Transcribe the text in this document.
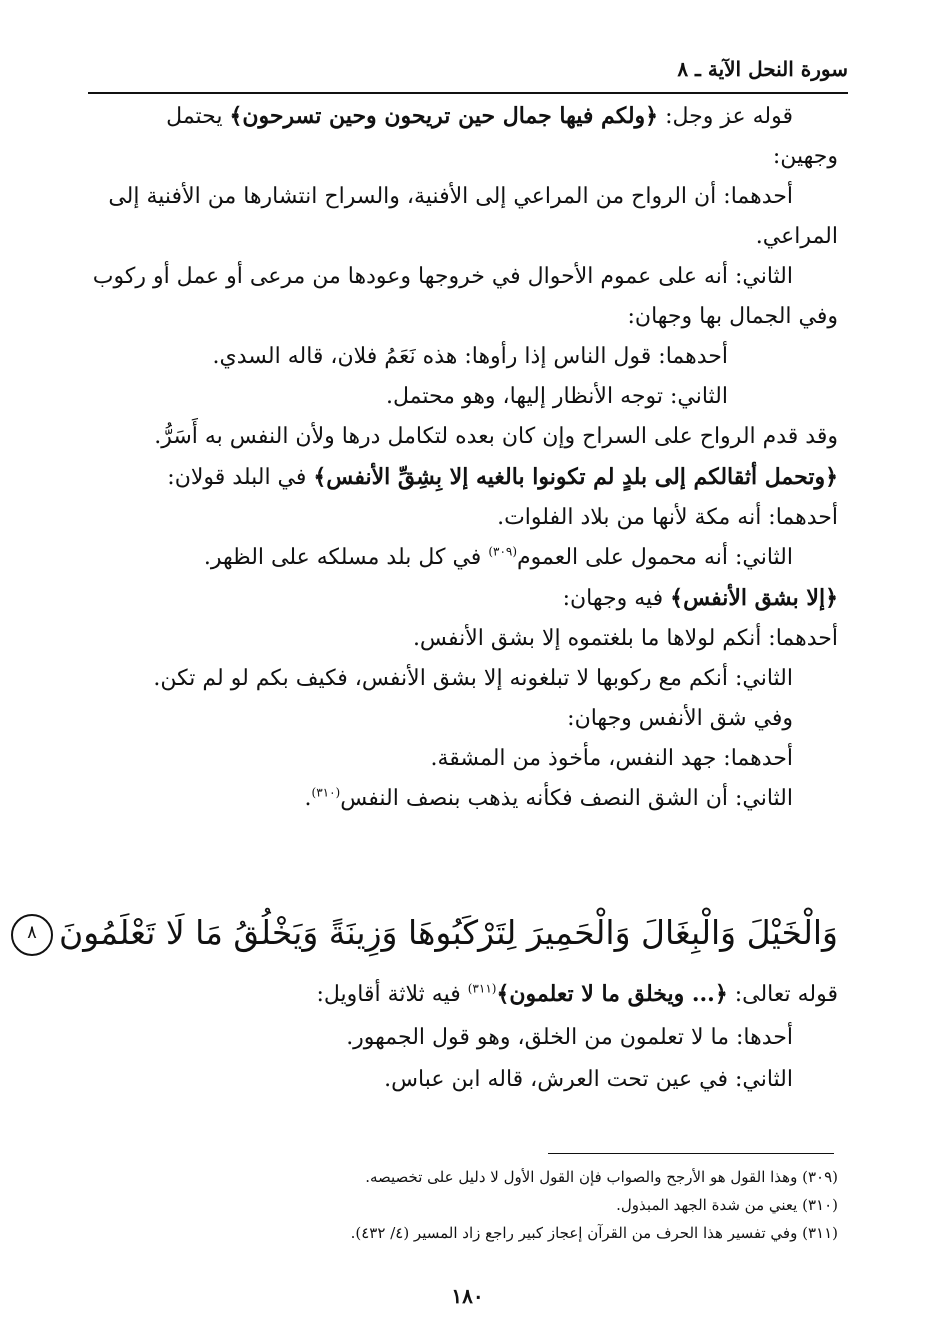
سورة النحل الآية ـ ٨
قوله عز وجل: ﴿ولكم فيها جمال حين تريحون وحين تسرحون﴾ يحتمل
وجهين:
أحدهما: أن الرواح من المراعي إلى الأفنية، والسراح انتشارها من الأفنية إلى
المراعي.
الثاني: أنه على عموم الأحوال في خروجها وعودها من مرعى أو عمل أو ركوب
وفي الجمال بها وجهان:
أحدهما: قول الناس إذا رأوها: هذه نَعَمُ فلان، قاله السدي.
الثاني: توجه الأنظار إليها، وهو محتمل.
وقد قدم الرواح على السراح وإن كان بعده لتكامل درها ولأن النفس به أَسَرُّ.
﴿وتحمل أثقالكم إلى بلدٍ لم تكونوا بالغيه إلا بِشِقِّ الأنفس﴾ في البلد قولان:
أحدهما: أنه مكة لأنها من بلاد الفلوات.
الثاني: أنه محمول على العموم$^{(٣٠٩)}$ في كل بلد مسلكه على الظهر.
﴿إلا بشق الأنفس﴾ فيه وجهان:
أحدهما: أنكم لولاها ما بلغتموه إلا بشق الأنفس.
الثاني: أنكم مع ركوبها لا تبلغونه إلا بشق الأنفس، فكيف بكم لو لم تكن.
وفي شق الأنفس وجهان:
أحدهما: جهد النفس، مأخوذ من المشقة.
الثاني: أن الشق النصف فكأنه يذهب بنصف النفس$^{(٣١٠)}$.
وَالْخَيْلَ وَالْبِغَالَ وَالْحَمِيرَ لِتَرْكَبُوهَا وَزِينَةً وَيَخْلُقُ مَا لَا تَعْلَمُونَ٨
قوله تعالى: ﴿... ويخلق ما لا تعلمون﴾$^{(٣١١)}$ فيه ثلاثة أقاويل:
أحدها: ما لا تعلمون من الخلق، وهو قول الجمهور.
الثاني: في عين تحت العرش، قاله ابن عباس.
(٣٠٩) وهذا القول هو الأرجح والصواب فإن القول الأول لا دليل على تخصيصه.
(٣١٠) يعني من شدة الجهد المبذول.
(٣١١) وفي تفسير هذا الحرف من القرآن إعجاز كبير راجع زاد المسير (٤/ ٤٣٢).
١٨٠
